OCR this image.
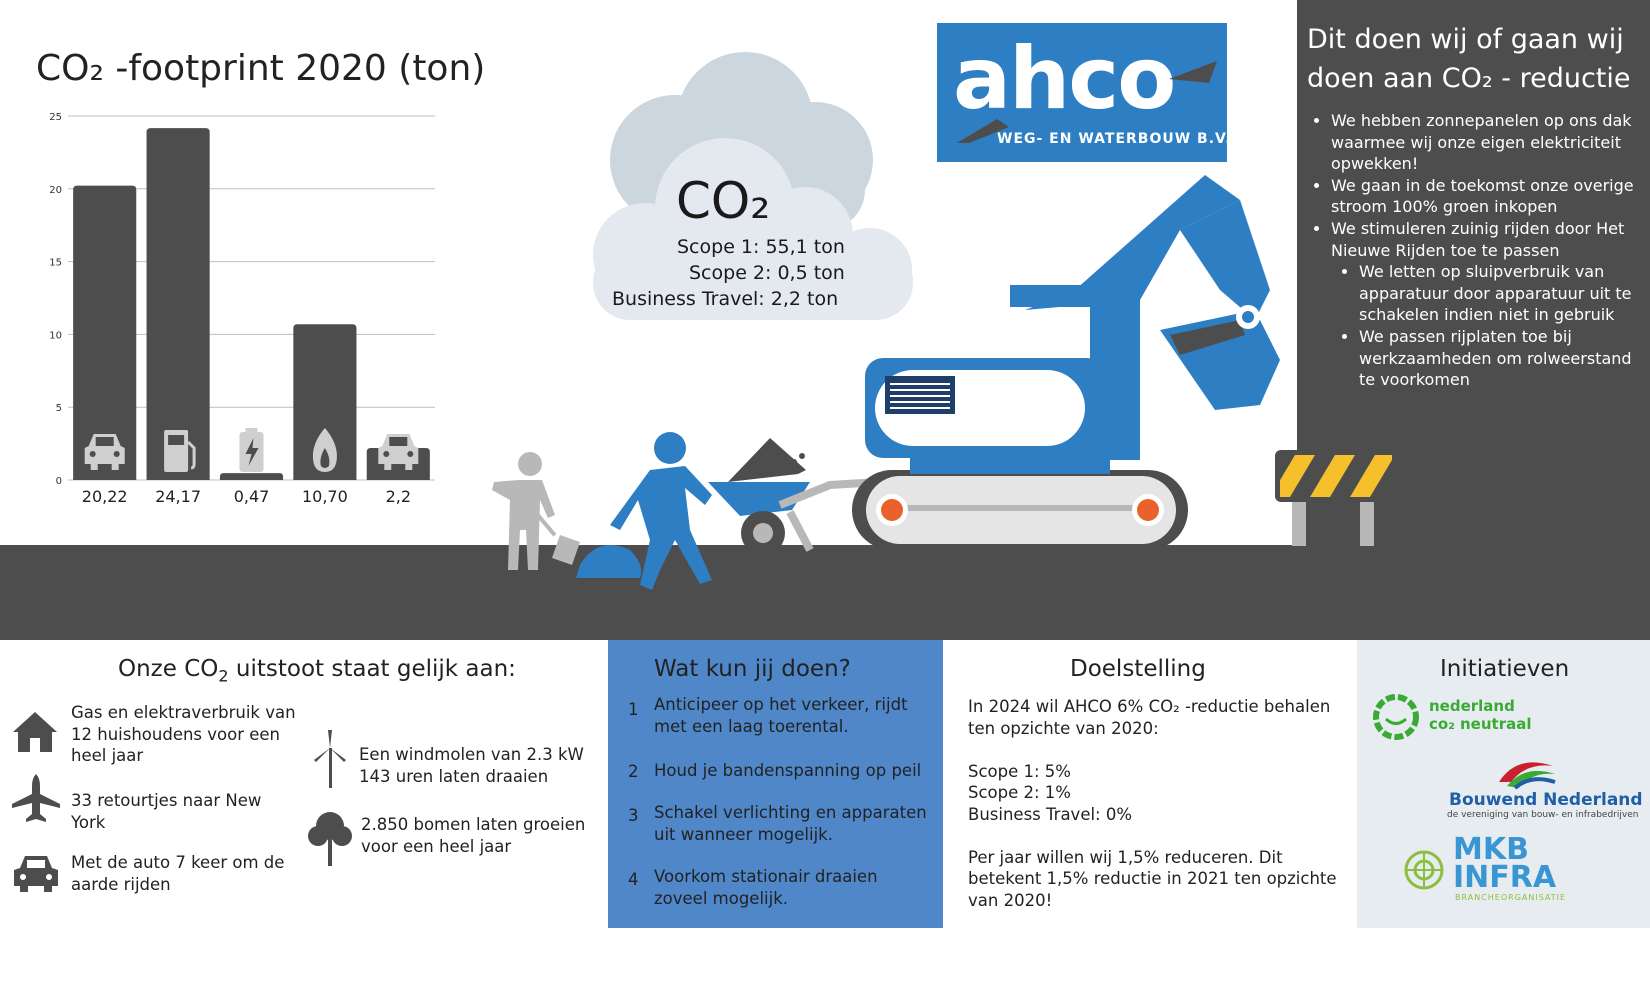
CO₂ -footprint 2020 (ton)
0
5
10
15
20
25
20,22 24,17 0,47 10,70 2,2
CO₂
Scope 1: 55,1 ton
Scope 2: 0,5 ton
Business Travel: 2,2 ton
ahco
WEG- EN WATERBOUW B.V.
Dit doen wij of gaan wij doen aan CO₂ - reductie
• We hebben zonnepanelen op ons dak waarmee wij onze eigen elektriciteit opwekken!
• We gaan in de toekomst onze overige stroom 100% groen inkopen
• We stimuleren zuinig rijden door Het Nieuwe Rijden toe te passen
• We letten op sluipverbruik van apparatuur door apparatuur uit te schakelen indien niet in gebruik
• We passen rijplaten toe bij werkzaamheden om rolweerstand te voorkomen
Onze $CO_2$ uitstoot staat gelijk aan:
Gas en elektraverbruik van 12 huishoudens voor een heel jaar
33 retourtjes naar New York
Met de auto 7 keer om de aarde rijden
Een windmolen van 2.3 kW 143 uren laten draaien
2.850 bomen laten groeien voor een heel jaar
Wat kun jij doen?
1 Anticipeer op het verkeer, rijdt met een laag toerental.
2 Houd je bandenspanning op peil
3 Schakel verlichting en apparaten uit wanneer mogelijk.
4 Voorkom stationair draaien zoveel mogelijk.
Doelstelling
In 2024 wil AHCO 6% CO₂ -reductie behalen ten opzichte van 2020:
Scope 1: 5%
Scope 2: 1%
Business Travel: 0%
Per jaar willen wij 1,5% reduceren. Dit betekent 1,5% reductie in 2021 ten opzichte van 2020!
Initiatieven
nederland
co₂ neutraal
Bouwend Nederland
de vereniging van bouw- en infrabedrijven
MKB
INFRA
BRANCHEORGANISATIE
